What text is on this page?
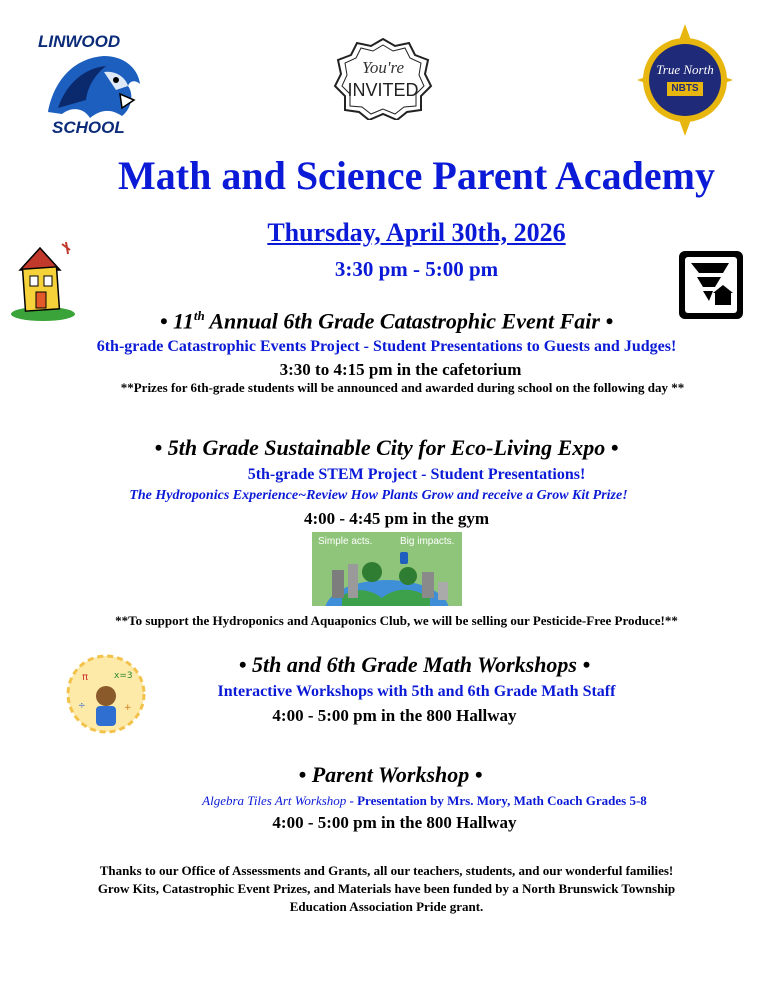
LINWOOD
SCHOOL
You're
INVITED
True North
NBTS
Math and Science Parent Academy
Thursday, April 30th, 2026
3:30 pm - 5:00 pm
• 11th Annual 6th Grade Catastrophic Event Fair •
6th-grade Catastrophic Events Project - Student Presentations to Guests and Judges!
3:30 to 4:15 pm in the cafetorium
**Prizes for 6th-grade students will be announced and awarded during school on the following day **
• 5th Grade Sustainable City for Eco-Living Expo •
5th-grade STEM Project - Student Presentations!
The Hydroponics Experience~Review How Plants Grow and receive a Grow Kit Prize!
4:00 - 4:45 pm in the gym
Simple acts.	Big impacts.
**To support the Hydroponics and Aquaponics Club, we will be selling our Pesticide-Free Produce!**
π	x=3
÷	+
• 5th and 6th Grade Math Workshops •
Interactive Workshops with 5th and 6th Grade Math Staff
4:00 - 5:00 pm in the 800 Hallway
• Parent Workshop •
Algebra Tiles Art Workshop - Presentation by Mrs. Mory, Math Coach Grades 5-8
4:00 - 5:00 pm in the 800 Hallway
Thanks to our Office of Assessments and Grants, all our teachers, students, and our wonderful families!
Grow Kits, Catastrophic Event Prizes, and Materials have been funded by a North Brunswick Township
Education Association Pride grant.
